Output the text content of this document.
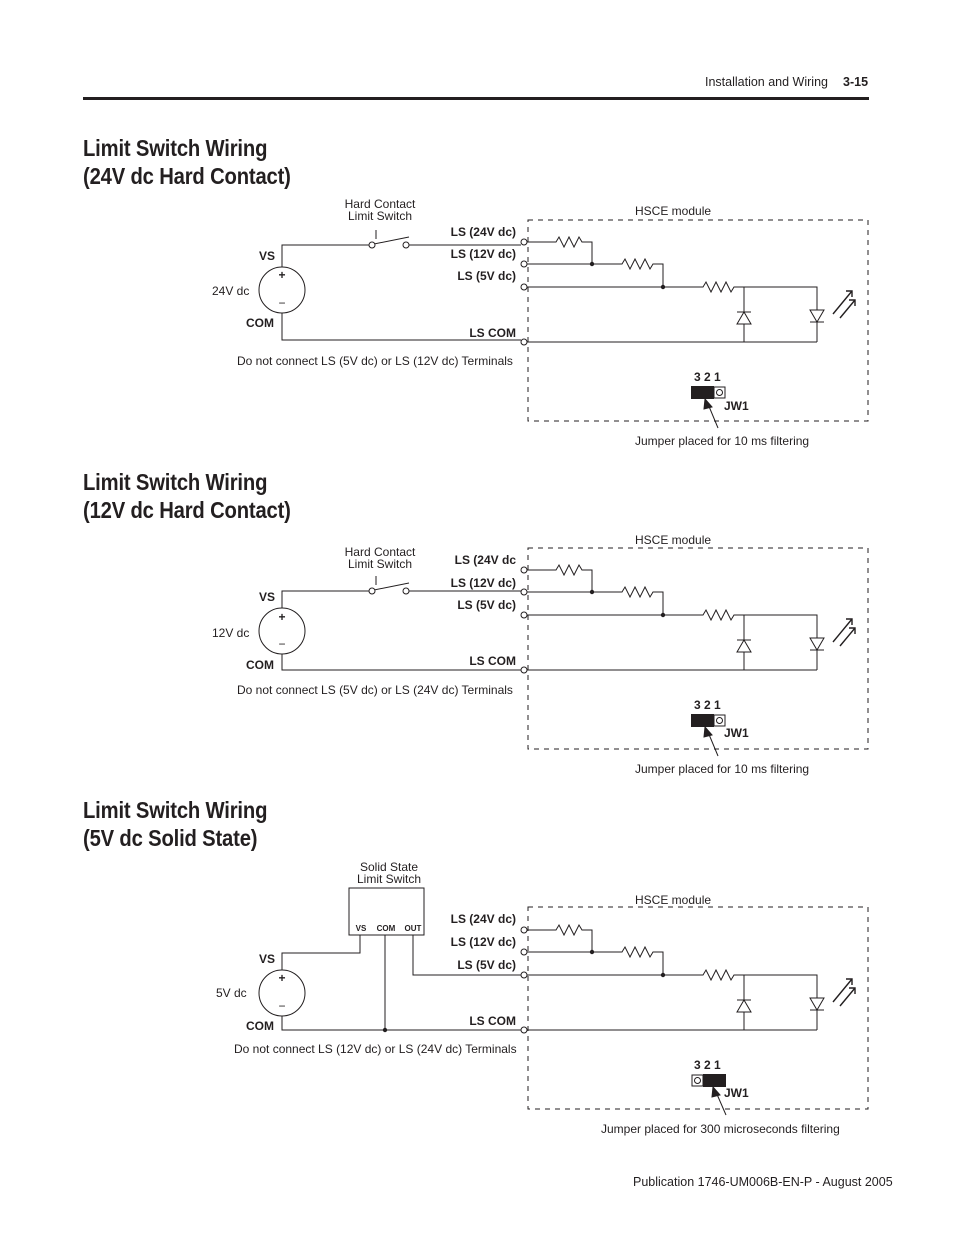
Installation and Wiring 3-15
Limit Switch Wiring
(24V dc Hard Contact)
HSCE module
Hard Contact
Limit Switch
+
−
VS
24V dc
COM
LS (24V dc)
LS (12V dc)
LS (5V dc)
LS COM
Do not connect LS (5V dc) or LS (12V dc) Terminals
3 2 1
JW1
Jumper placed for 10 ms filtering
Limit Switch Wiring
(12V dc Hard Contact)
HSCE module
Hard Contact
Limit Switch
+
−
VS
12V dc
COM
LS (24V dc
LS (12V dc)
LS (5V dc)
LS COM
Do not connect LS (5V dc) or LS (24V dc) Terminals
3 2 1
JW1
Jumper placed for 10 ms filtering
Limit Switch Wiring
(5V dc Solid State)
HSCE module
Solid State
Limit Switch
VS COM OUT
+
−
VS
5V dc
COM
LS (24V dc)
LS (12V dc)
LS (5V dc)
LS COM
Do not connect LS (12V dc) or LS (24V dc) Terminals
3 2 1
JW1
Jumper placed for 300 microseconds filtering
Publication 1746-UM006B-EN-P - August 2005
